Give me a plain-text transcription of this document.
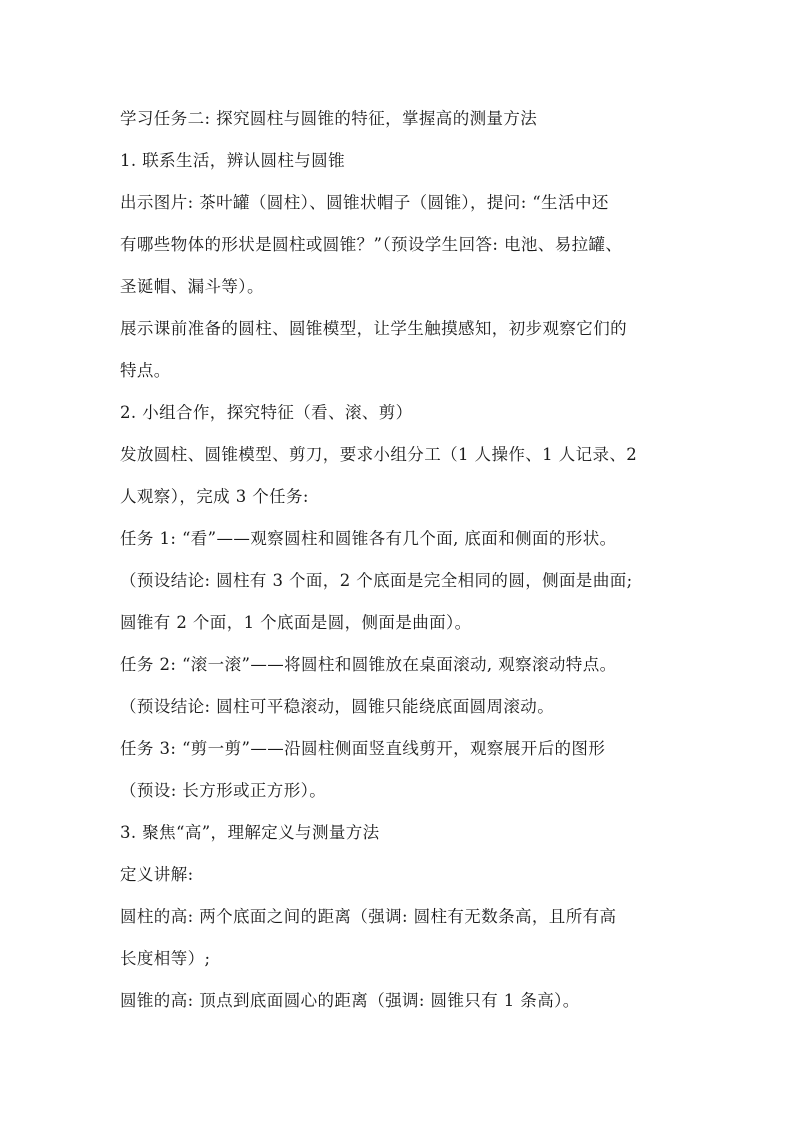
学习任务二: 探究圆柱与圆锥的特征，掌握高的测量方法
1. 联系生活，辨认圆柱与圆锥
出示图片: 茶叶罐（圆柱）、圆锥状帽子（圆锥），提问: “生活中还
有哪些物体的形状是圆柱或圆锥？”（预设学生回答: 电池、易拉罐、
圣诞帽、漏斗等）。
展示课前准备的圆柱、圆锥模型，让学生触摸感知，初步观察它们的
特点。
2. 小组合作，探究特征（看、滚、剪）
发放圆柱、圆锥模型、剪刀，要求小组分工（1 人操作、1 人记录、2
人观察），完成 3 个任务:
任务 1: “看”——观察圆柱和圆锥各有几个面, 底面和侧面的形状。
（预设结论: 圆柱有 3 个面，2 个底面是完全相同的圆，侧面是曲面;
圆锥有 2 个面，1 个底面是圆，侧面是曲面）。
任务 2: “滚一滚”——将圆柱和圆锥放在桌面滚动, 观察滚动特点。
（预设结论: 圆柱可平稳滚动，圆锥只能绕底面圆周滚动。
任务 3: “剪一剪”——沿圆柱侧面竖直线剪开，观察展开后的图形
（预设: 长方形或正方形）。
3. 聚焦“高”，理解定义与测量方法
定义讲解:
圆柱的高: 两个底面之间的距离（强调: 圆柱有无数条高，且所有高
长度相等）;
圆锥的高: 顶点到底面圆心的距离（强调: 圆锥只有 1 条高）。
